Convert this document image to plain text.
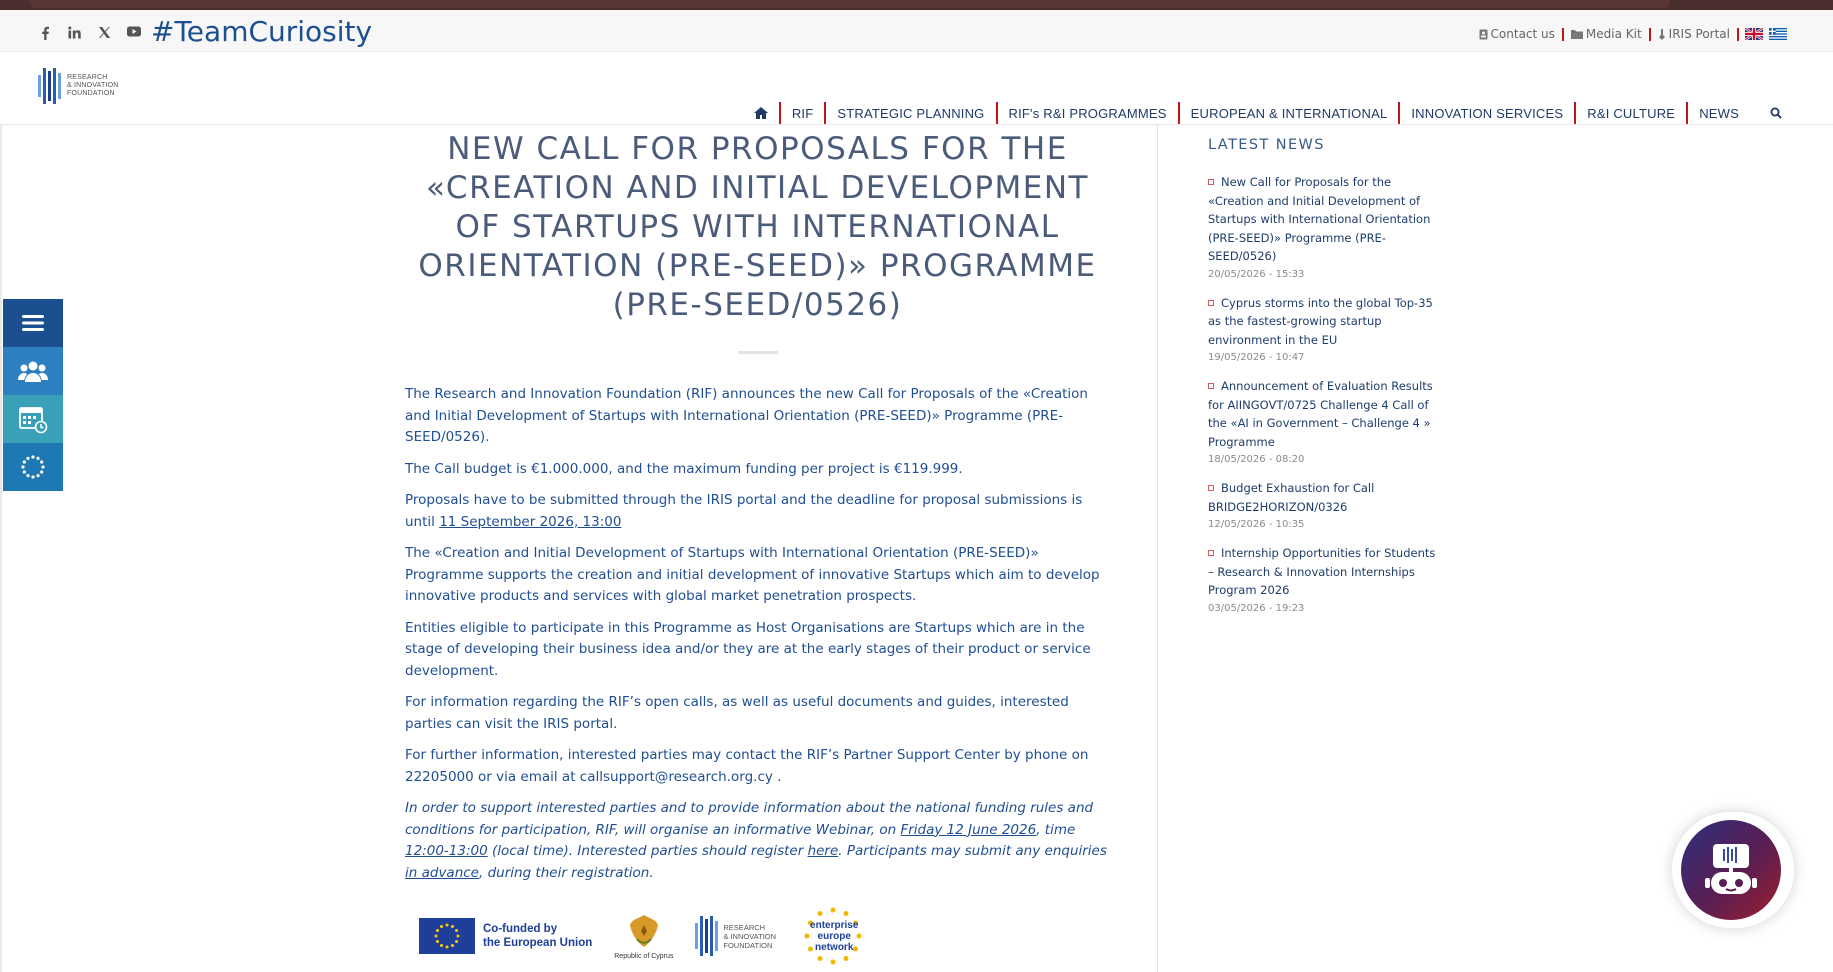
#TeamCuriosity	Contact us	Media Kit IRIS Portal
RESEARCH
& INNOVATION
FOUNDATION
RIF	STRATEGIC PLANNING	RIF's R&I PROGRAMMES	EUROPEAN & INTERNATIONAL	INNOVATION SERVICES	R&I CULTURE	NEWS
NEW CALL FOR PROPOSALS FOR THE «CREATION AND INITIAL DEVELOPMENT OF STARTUPS WITH INTERNATIONAL ORIENTATION (PRE-SEED)» PROGRAMME (PRE-SEED/0526)

The Research and Innovation Foundation (RIF) announces the new Call for Proposals of the «Creation and Initial Development of Startups with International Orientation (PRE-SEED)» Programme (PRE-SEED/0526).

The Call budget is €1.000.000, and the maximum funding per project is €119.999.

Proposals have to be submitted through the IRIS portal and the deadline for proposal submissions is until 11 September 2026, 13:00

The «Creation and Initial Development of Startups with International Orientation (PRE-SEED)» Programme supports the creation and initial development of innovative Startups which aim to develop innovative products and services with global market penetration prospects.

Entities eligible to participate in this Programme as Host Organisations are Startups which are in the stage of developing their business idea and/or they are at the early stages of their product or service development.

For information regarding the RIF’s open calls, as well as useful documents and guides, interested parties can visit the IRIS portal.

For further information, interested parties may contact the RIF’s Partner Support Center by phone on 22205000 or via email at callsupport@research.org.cy .

In order to support interested parties and to provide information about the national funding rules and conditions for participation, RIF, will organise an informative Webinar, on Friday 12 June 2026, time 12:00-13:00 (local time). Interested parties should register here. Participants may submit any enquiries in advance, during their registration.

Co-funded by
the European Union
Republic of Cyprus
RESEARCH
& INNOVATION
FOUNDATION
enterprise
europe
network
LATEST NEWS
New Call for Proposals for the «Creation and Initial Development of Startups with International Orientation (PRE-SEED)» Programme (PRE-SEED/0526)
20/05/2026 - 15:33
Cyprus storms into the global Top-35 as the fastest-growing startup environment in the EU
19/05/2026 - 10:47
Announcement of Evaluation Results for AIINGOVT/0725 Challenge 4 Call of the «AI in Government – Challenge 4 » Programme
18/05/2026 - 08:20
Budget Exhaustion for Call BRIDGE2HORIZON/0326
12/05/2026 - 10:35
Internship Opportunities for Students – Research & Innovation Internships Program 2026
03/05/2026 - 19:23
